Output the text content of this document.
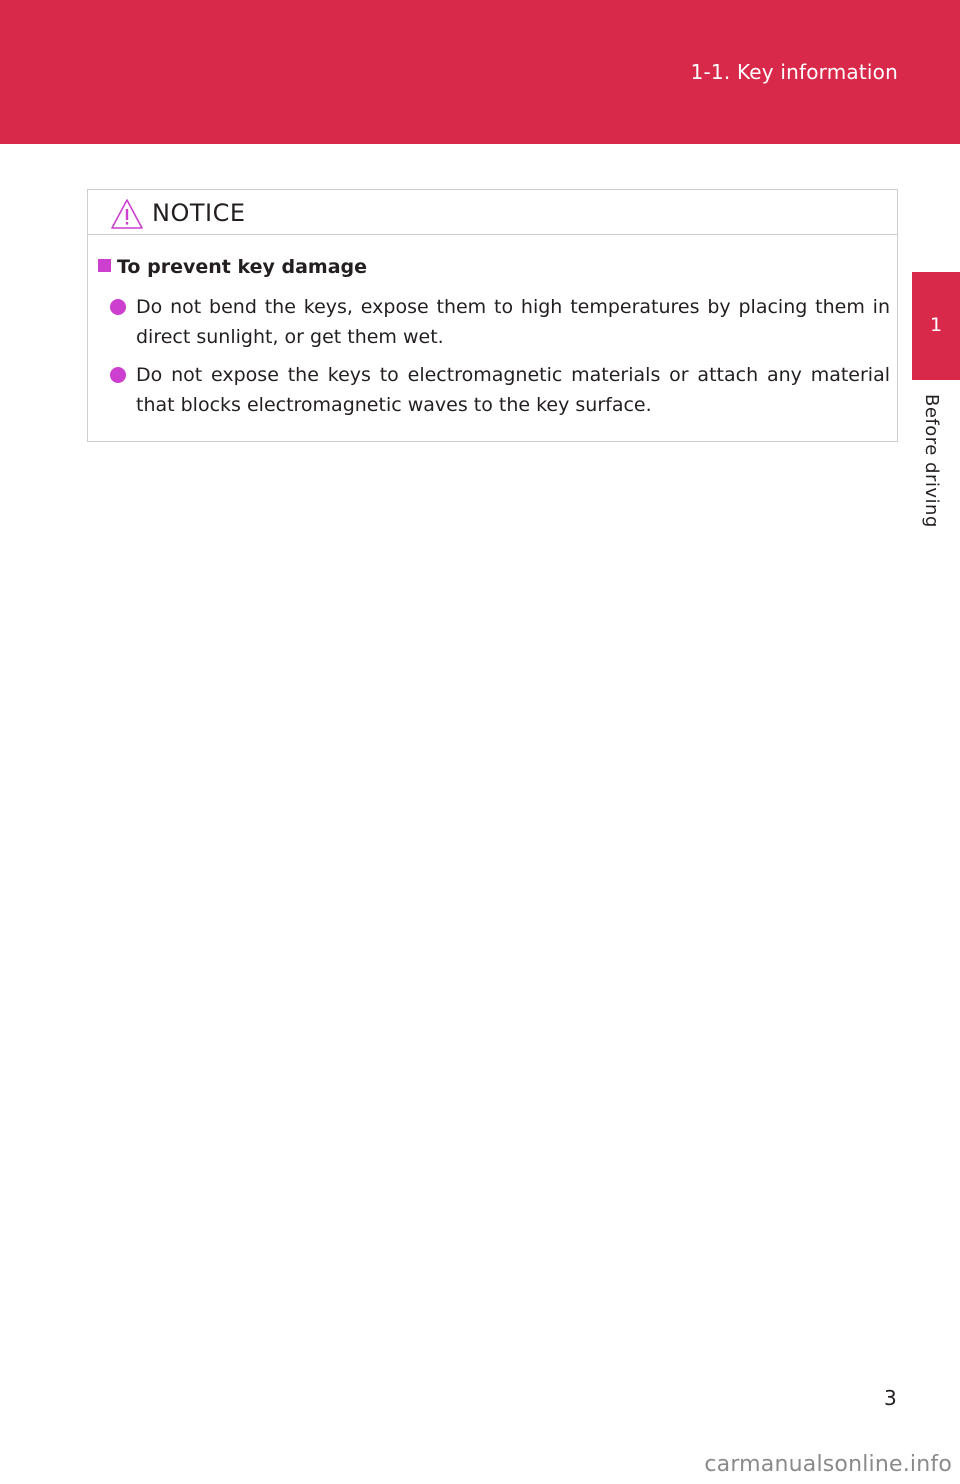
1-1. Key information
1
Before driving
NOTICE
To prevent key damage
Do not bend the keys, expose them to high temperatures by placing them in direct sunlight, or get them wet.
Do not expose the keys to electromagnetic materials or attach any material that blocks electromagnetic waves to the key surface.
3
carmanualsonline.info
